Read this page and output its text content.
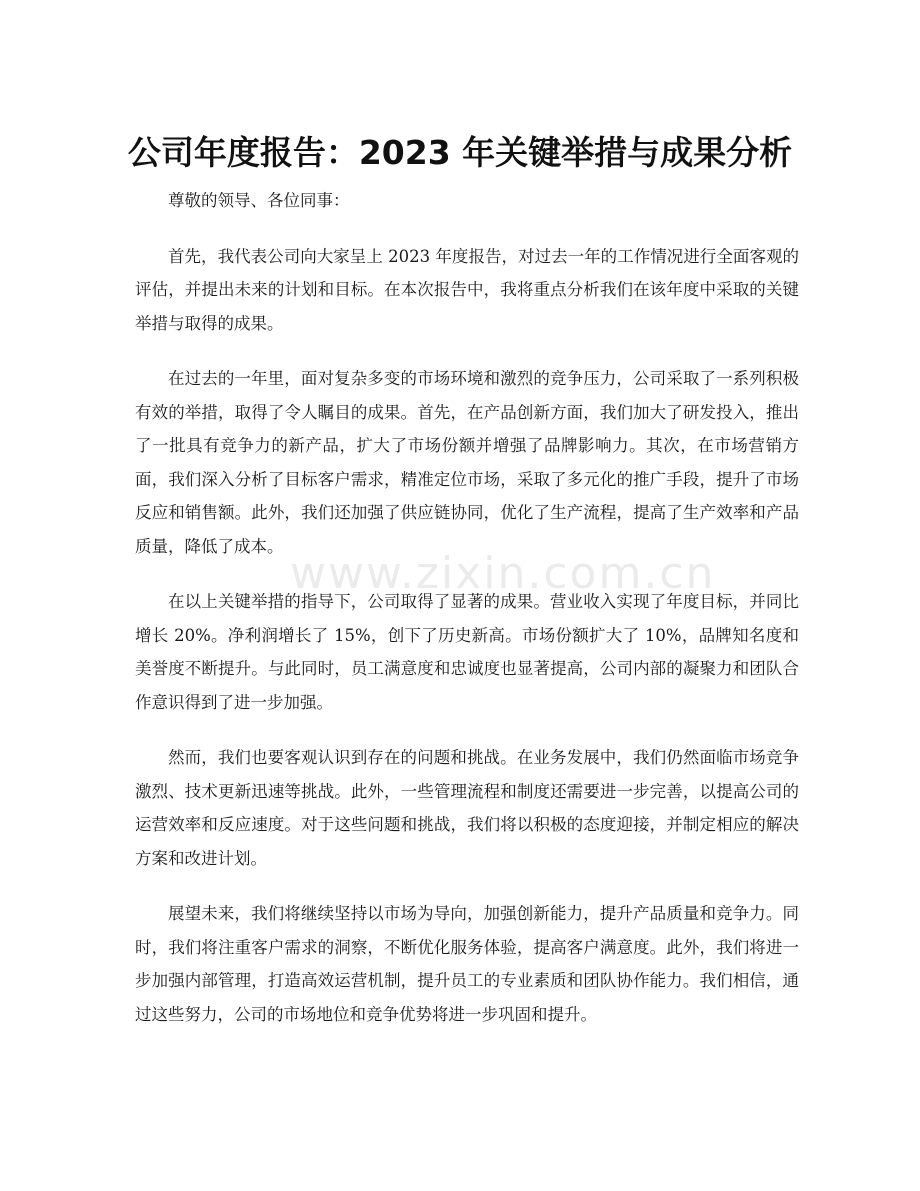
公司年度报告：2023 年关键举措与成果分析

尊敬的领导、各位同事：

首先，我代表公司向大家呈上 2023 年度报告，对过去一年的工作情况进行全面客观的评估，并提出未来的计划和目标。在本次报告中，我将重点分析我们在该年度中采取的关键举措与取得的成果。

在过去的一年里，面对复杂多变的市场环境和激烈的竞争压力，公司采取了一系列积极有效的举措，取得了令人瞩目的成果。首先，在产品创新方面，我们加大了研发投入，推出了一批具有竞争力的新产品，扩大了市场份额并增强了品牌影响力。其次，在市场营销方面，我们深入分析了目标客户需求，精准定位市场，采取了多元化的推广手段，提升了市场反应和销售额。此外，我们还加强了供应链协同，优化了生产流程，提高了生产效率和产品质量，降低了成本。

在以上关键举措的指导下，公司取得了显著的成果。营业收入实现了年度目标，并同比增长 20%。净利润增长了 15%，创下了历史新高。市场份额扩大了 10%，品牌知名度和美誉度不断提升。与此同时，员工满意度和忠诚度也显著提高，公司内部的凝聚力和团队合作意识得到了进一步加强。

然而，我们也要客观认识到存在的问题和挑战。在业务发展中，我们仍然面临市场竞争激烈、技术更新迅速等挑战。此外，一些管理流程和制度还需要进一步完善，以提高公司的运营效率和反应速度。对于这些问题和挑战，我们将以积极的态度迎接，并制定相应的解决方案和改进计划。

展望未来，我们将继续坚持以市场为导向，加强创新能力，提升产品质量和竞争力。同时，我们将注重客户需求的洞察，不断优化服务体验，提高客户满意度。此外，我们将进一步加强内部管理，打造高效运营机制，提升员工的专业素质和团队协作能力。我们相信，通过这些努力，公司的市场地位和竞争优势将进一步巩固和提升。

www.zixin.com.cn
